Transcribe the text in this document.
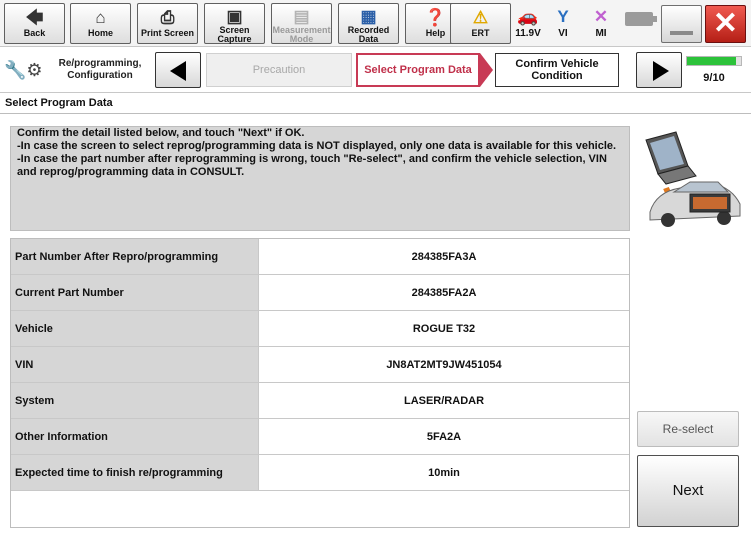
🡄
Back
⌂
Home
⎙
Print Screen
▣
Screen
Capture
▤
Measurement
Mode
▦
Recorded
Data
❓
Help
⚠
ERT
🚗
11.9V
Y
VI
✕
MI	✕
🔧⚙	Re/programming,
Configuration	Precaution	Select Program Data	Confirm Vehicle
Condition	9/10
Select Program Data

Confirm the detail listed below, and touch "Next" if OK.

-In case the screen to select reprog/programming data is NOT displayed, only one data is available for this vehicle.

-In case the part number after reprogramming is wrong, touch "Re-select", and confirm the vehicle selection, VIN and reprog/programming data in CONSULT.

Part Number After Repro/programming	284385FA3A
Current Part Number	284385FA2A
Vehicle	ROGUE T32
VIN	JN8AT2MT9JW451054
System	LASER/RADAR
Other Information	5FA2A
Expected time to finish re/programming	10min
Re-select
Next
